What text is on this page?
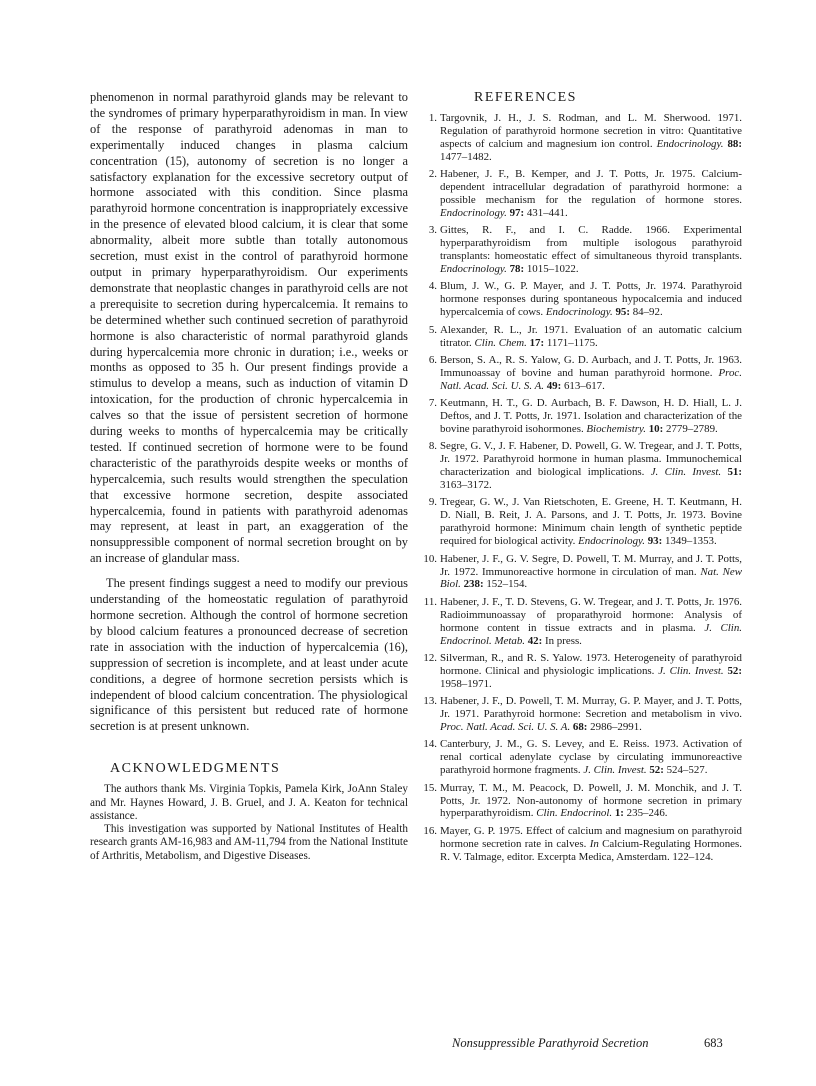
phenomenon in normal parathyroid glands may be relevant to the syndromes of primary hyperparathyroidism in man. In view of the response of parathyroid adenomas in man to experimentally induced changes in plasma calcium concentration (15), autonomy of secretion is no longer a satisfactory explanation for the excessive secretory output of hormone associated with this condition. Since plasma parathyroid hormone concentration is inappropriately excessive in the presence of elevated blood calcium, it is clear that some abnormality, albeit more subtle than totally autonomous secretion, must exist in the control of parathyroid hormone output in primary hyperparathyroidism. Our experiments demonstrate that neoplastic changes in parathyroid cells are not a prerequisite to secretion during hypercalcemia. It remains to be determined whether such continued secretion of parathyroid hormone is also characteristic of normal parathyroid glands during hypercalcemia more chronic in duration; i.e., weeks or months as opposed to 35 h. Our present findings provide a stimulus to develop a means, such as induction of vitamin D intoxication, for the production of chronic hypercalcemia in calves so that the issue of persistent secretion of hormone during weeks to months of hypercalcemia may be critically tested. If continued secretion of hormone were to be found characteristic of the parathyroids despite weeks or months of hypercalcemia, such results would strengthen the speculation that excessive hormone secretion, despite associated hypercalcemia, found in patients with parathyroid adenomas may represent, at least in part, an exaggeration of the nonsuppressible component of normal secretion brought on by an increase of glandular mass.

The present findings suggest a need to modify our previous understanding of the homeostatic regulation of parathyroid hormone secretion. Although the control of hormone secretion by blood calcium features a pronounced decrease of secretion rate in association with the induction of hypercalcemia (16), suppression of secretion is incomplete, and at least under acute conditions, a degree of hormone secretion persists which is independent of blood calcium concentration. The physiological significance of this persistent but reduced rate of hormone secretion is at present unknown.

ACKNOWLEDGMENTS

The authors thank Ms. Virginia Topkis, Pamela Kirk, JoAnn Staley and Mr. Haynes Howard, J. B. Gruel, and J. A. Keaton for technical assistance.

This investigation was supported by National Institutes of Health research grants AM-16,983 and AM-11,794 from the National Institute of Arthritis, Metabolism, and Digestive Diseases.

REFERENCES
1. Targovnik, J. H., J. S. Rodman, and L. M. Sherwood. 1971. Regulation of parathyroid hormone secretion in vitro: Quantitative aspects of calcium and magnesium ion control. Endocrinology. 88: 1477–1482.
2. Habener, J. F., B. Kemper, and J. T. Potts, Jr. 1975. Calcium-dependent intracellular degradation of parathyroid hormone: a possible mechanism for the regulation of hormone stores. Endocrinology. 97: 431–441.
3. Gittes, R. F., and I. C. Radde. 1966. Experimental hyperparathyroidism from multiple isologous parathyroid transplants: homeostatic effect of simultaneous thyroid transplants. Endocrinology. 78: 1015–1022.
4. Blum, J. W., G. P. Mayer, and J. T. Potts, Jr. 1974. Parathyroid hormone responses during spontaneous hypocalcemia and induced hypercalcemia of cows. Endocrinology. 95: 84–92.
5. Alexander, R. L., Jr. 1971. Evaluation of an automatic calcium titrator. Clin. Chem. 17: 1171–1175.
6. Berson, S. A., R. S. Yalow, G. D. Aurbach, and J. T. Potts, Jr. 1963. Immunoassay of bovine and human parathyroid hormone. Proc. Natl. Acad. Sci. U. S. A. 49: 613–617.
7. Keutmann, H. T., G. D. Aurbach, B. F. Dawson, H. D. Hiall, L. J. Deftos, and J. T. Potts, Jr. 1971. Isolation and characterization of the bovine parathyroid isohormones. Biochemistry. 10: 2779–2789.
8. Segre, G. V., J. F. Habener, D. Powell, G. W. Tregear, and J. T. Potts, Jr. 1972. Parathyroid hormone in human plasma. Immunochemical characterization and biological implications. J. Clin. Invest. 51: 3163–3172.
9. Tregear, G. W., J. Van Rietschoten, E. Greene, H. T. Keutmann, H. D. Niall, B. Reit, J. A. Parsons, and J. T. Potts, Jr. 1973. Bovine parathyroid hormone: Minimum chain length of synthetic peptide required for biological activity. Endocrinology. 93: 1349–1353.
10. Habener, J. F., G. V. Segre, D. Powell, T. M. Murray, and J. T. Potts, Jr. 1972. Immunoreactive hormone in circulation of man. Nat. New Biol. 238: 152–154.
11. Habener, J. F., T. D. Stevens, G. W. Tregear, and J. T. Potts, Jr. 1976. Radioimmunoassay of proparathyroid hormone: Analysis of hormone content in tissue extracts and in plasma. J. Clin. Endocrinol. Metab. 42: In press.
12. Silverman, R., and R. S. Yalow. 1973. Heterogeneity of parathyroid hormone. Clinical and physiologic implications. J. Clin. Invest. 52: 1958–1971.
13. Habener, J. F., D. Powell, T. M. Murray, G. P. Mayer, and J. T. Potts, Jr. 1971. Parathyroid hormone: Secretion and metabolism in vivo. Proc. Natl. Acad. Sci. U. S. A. 68: 2986–2991.
14. Canterbury, J. M., G. S. Levey, and E. Reiss. 1973. Activation of renal cortical adenylate cyclase by circulating immunoreactive parathyroid hormone fragments. J. Clin. Invest. 52: 524–527.
15. Murray, T. M., M. Peacock, D. Powell, J. M. Monchik, and J. T. Potts, Jr. 1972. Non-autonomy of hormone secretion in primary hyperparathyroidism. Clin. Endocrinol. 1: 235–246.
16. Mayer, G. P. 1975. Effect of calcium and magnesium on parathyroid hormone secretion rate in calves. In Calcium-Regulating Hormones. R. V. Talmage, editor. Excerpta Medica, Amsterdam. 122–124.
Nonsuppressible Parathyroid Secretion	683
